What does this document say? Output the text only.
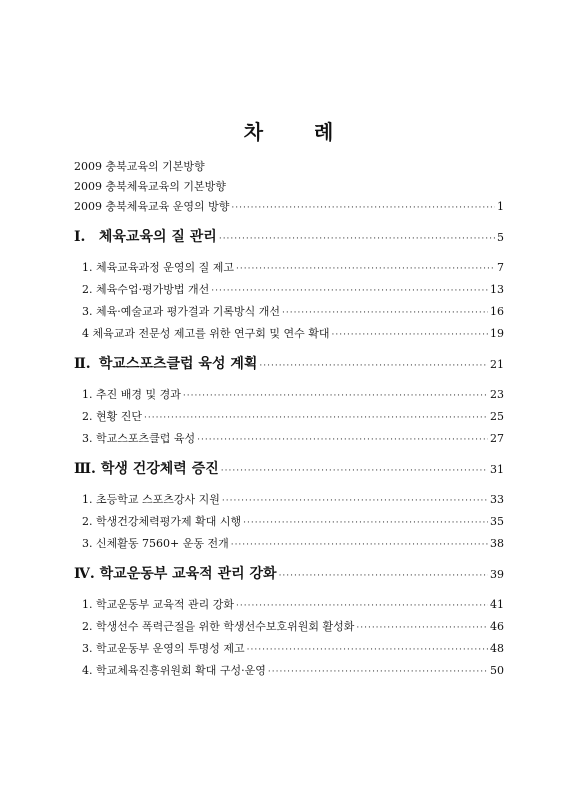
차 례
2009 충북교육의 기본방향
2009 충북체육교육의 기본방향
2009 충북체육교육 운영의 방향 ·····	1
Ⅰ. 체육교육의 질 관리 ·····	5
1. 체육교육과정 운영의 질 제고 ·····	7
2. 체육수업·평가방법 개선 ·····	13
3. 체육·예술교과 평가결과 기록방식 개선 ·····	16
4 체육교과 전문성 제고를 위한 연구회 및 연수 확대 ·····	19
Ⅱ. 학교스포츠클럽 육성 계획 ·····	21
1. 추진 배경 및 경과 ·····	23
2. 현황 진단 ·····	25
3. 학교스포츠클럽 육성 ·····	27
Ⅲ. 학생 건강체력 증진 ·····	31
1. 초등학교 스포츠강사 지원 ·····	33
2. 학생건강체력평가제 확대 시행 ·····	35
3. 신체활동 7560+ 운동 전개 ·····	38
Ⅳ. 학교운동부 교육적 관리 강화 ·····	39
1. 학교운동부 교육적 관리 강화 ·····	41
2. 학생선수 폭력근절을 위한 학생선수보호위원회 활성화 ·····	46
3. 학교운동부 운영의 투명성 제고 ·····	48
4. 학교체육진흥위원회 확대 구성·운영 ·····	50
